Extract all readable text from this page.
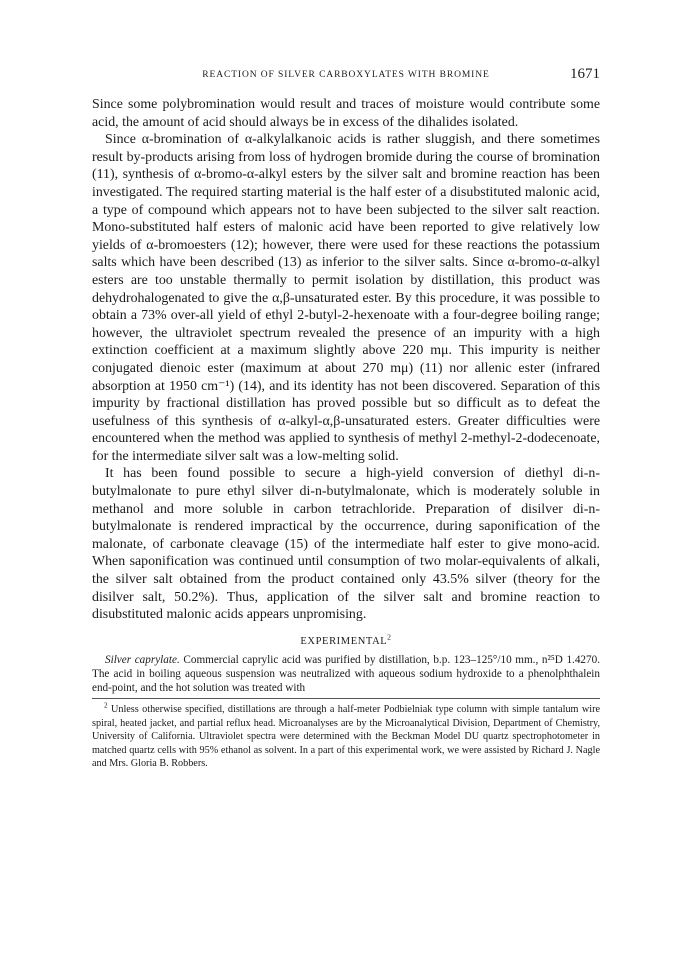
REACTION OF SILVER CARBOXYLATES WITH BROMINE	1671

Since some polybromination would result and traces of moisture would contribute some acid, the amount of acid should always be in excess of the dihalides isolated.

Since α-bromination of α-alkylalkanoic acids is rather sluggish, and there sometimes result by-products arising from loss of hydrogen bromide during the course of bromination (11), synthesis of α-bromo-α-alkyl esters by the silver salt and bromine reaction has been investigated. The required starting material is the half ester of a disubstituted malonic acid, a type of compound which appears not to have been subjected to the silver salt reaction. Mono-substituted half esters of malonic acid have been reported to give relatively low yields of α-bromoesters (12); however, there were used for these reactions the potassium salts which have been described (13) as inferior to the silver salts. Since α-bromo-α-alkyl esters are too unstable thermally to permit isolation by distillation, this product was dehydrohalogenated to give the α,β-unsaturated ester. By this procedure, it was possible to obtain a 73% over-all yield of ethyl 2-butyl-2-hexenoate with a four-degree boiling range; however, the ultraviolet spectrum revealed the presence of an impurity with a high extinction coefficient at a maximum slightly above 220 mμ. This impurity is neither conjugated dienoic ester (maximum at about 270 mμ) (11) nor allenic ester (infrared absorption at 1950 cm⁻¹) (14), and its identity has not been discovered. Separation of this impurity by fractional distillation has proved possible but so difficult as to defeat the usefulness of this synthesis of α-alkyl-α,β-unsaturated esters. Greater difficulties were encountered when the method was applied to synthesis of methyl 2-methyl-2-dodecenoate, for the intermediate silver salt was a low-melting solid.

It has been found possible to secure a high-yield conversion of diethyl di-n-butylmalonate to pure ethyl silver di-n-butylmalonate, which is moderately soluble in methanol and more soluble in carbon tetrachloride. Preparation of disilver di-n-butylmalonate is rendered impractical by the occurrence, during saponification of the malonate, of carbonate cleavage (15) of the intermediate half ester to give mono-acid. When saponification was continued until consumption of two molar-equivalents of alkali, the silver salt obtained from the product contained only 43.5% silver (theory for the disilver salt, 50.2%). Thus, application of the silver salt and bromine reaction to disubstituted malonic acids appears unpromising.

EXPERIMENTAL$^2$

Silver caprylate. Commercial caprylic acid was purified by distillation, b.p. 123–125°/10 mm., n²⁵D 1.4270. The acid in boiling aqueous suspension was neutralized with aqueous sodium hydroxide to a phenolphthalein end-point, and the hot solution was treated with

$^2$ Unless otherwise specified, distillations are through a half-meter Podbielniak type column with simple tantalum wire spiral, heated jacket, and partial reflux head. Microanalyses are by the Microanalytical Division, Department of Chemistry, University of California. Ultraviolet spectra were determined with the Beckman Model DU quartz spectrophotometer in matched quartz cells with 95% ethanol as solvent. In a part of this experimental work, we were assisted by Richard J. Nagle and Mrs. Gloria B. Robbers.
